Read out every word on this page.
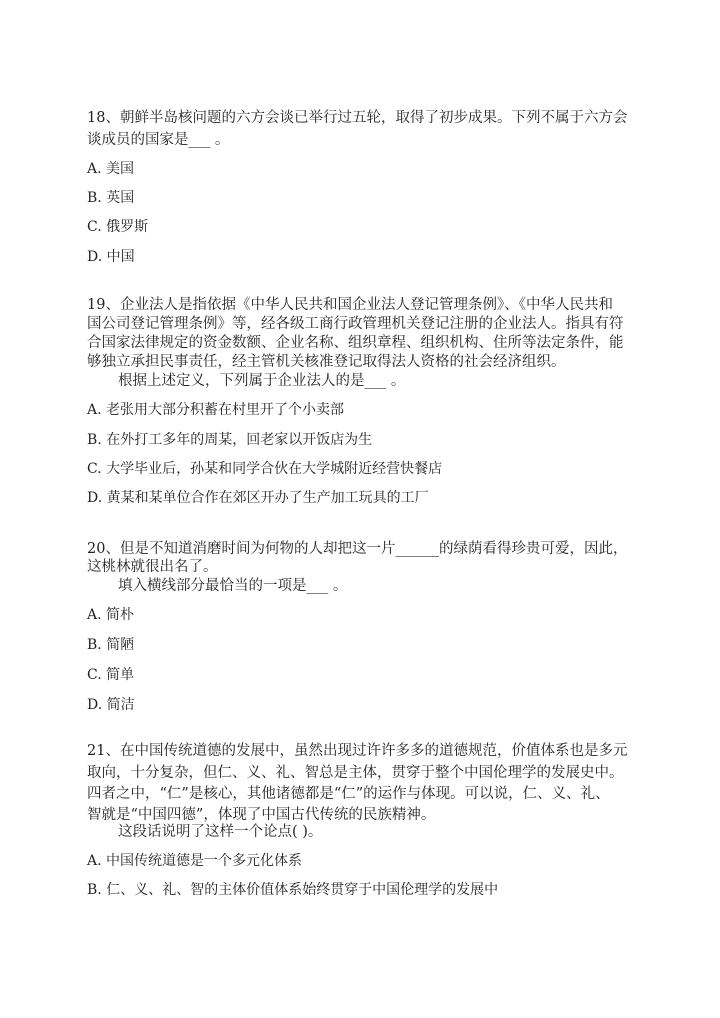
18、朝鲜半岛核问题的六方会谈已举行过五轮，取得了初步成果。下列不属于六方会
谈成员的国家是___ 。
A. 美国
B. 英国
C. 俄罗斯
D. 中国
19、企业法人是指依据《中华人民共和国企业法人登记管理条例》、《中华人民共和
国公司登记管理条例》等，经各级工商行政管理机关登记注册的企业法人。指具有符
合国家法律规定的资金数额、企业名称、组织章程、组织机构、住所等法定条件，能
够独立承担民事责任，经主管机关核准登记取得法人资格的社会经济组织。
根据上述定义，下列属于企业法人的是___ 。
A. 老张用大部分积蓄在村里开了个小卖部
B. 在外打工多年的周某，回老家以开饭店为生
C. 大学毕业后，孙某和同学合伙在大学城附近经营快餐店
D. 黄某和某单位合作在郊区开办了生产加工玩具的工厂
20、但是不知道消磨时间为何物的人却把这一片______的绿荫看得珍贵可爱，因此，
这桃林就很出名了。
填入横线部分最恰当的一项是___ 。
A. 简朴
B. 简陋
C. 简单
D. 简洁
21、在中国传统道德的发展中，虽然出现过许许多多的道德规范，价值体系也是多元
取向，十分复杂，但仁、义、礼、智总是主体，贯穿于整个中国伦理学的发展史中。
四者之中，“仁”是核心，其他诸德都是“仁”的运作与体现。可以说，仁、义、礼、
智就是“中国四德”，体现了中国古代传统的民族精神。
这段话说明了这样一个论点( )。
A. 中国传统道德是一个多元化体系
B. 仁、义、礼、智的主体价值体系始终贯穿于中国伦理学的发展中
